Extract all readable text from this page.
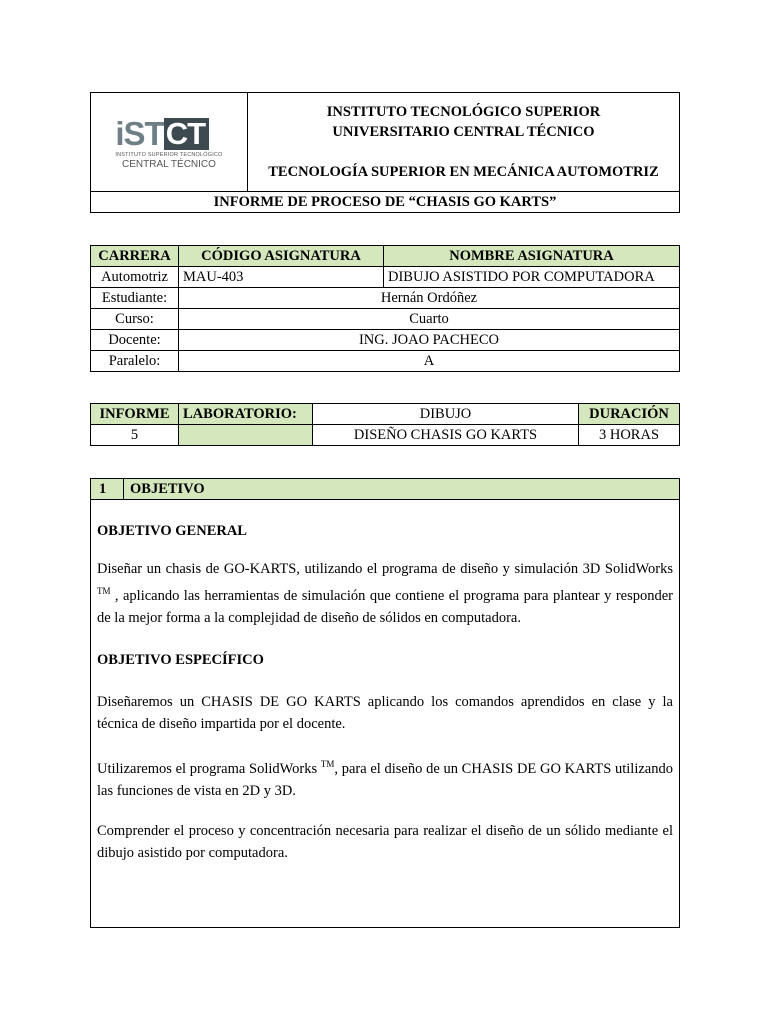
iST CT
INSTITUTO SUPERIOR TECNOLÓGICO
CENTRAL TÉCNICO

INSTITUTO TECNOLÓGICO SUPERIOR
UNIVERSITARIO CENTRAL TÉCNICO
TECNOLOGÍA SUPERIOR EN MECÁNICA AUTOMOTRIZ

INFORME DE PROCESO DE “CHASIS GO KARTS”
CARRERA	CÓDIGO ASIGNATURA	NOMBRE ASIGNATURA
Automotriz	MAU-403	DIBUJO ASISTIDO POR COMPUTADORA
Estudiante:	Hernán Ordóñez	
Curso:	Cuarto	
Docente:	ING. JOAO PACHECO	
Paralelo:	A	
INFORME	LABORATORIO:	DIBUJO	DURACIÓN
5		DISEÑO CHASIS GO KARTS	3 HORAS
1	OBJETIVO

OBJETIVO GENERAL

Diseñar un chasis de GO-KARTS, utilizando el programa de diseño y simulación 3D SolidWorks ™ , aplicando las herramientas de simulación que contiene el programa para plantear y responder de la mejor forma a la complejidad de diseño de sólidos en computadora.

OBJETIVO ESPECÍFICO

Diseñaremos un CHASIS DE GO KARTS aplicando los comandos aprendidos en clase y la técnica de diseño impartida por el docente.

Utilizaremos el programa SolidWorks ™, para el diseño de un CHASIS DE GO KARTS utilizando las funciones de vista en 2D y 3D.

Comprender el proceso y concentración necesaria para realizar el diseño de un sólido mediante el dibujo asistido por computadora.
